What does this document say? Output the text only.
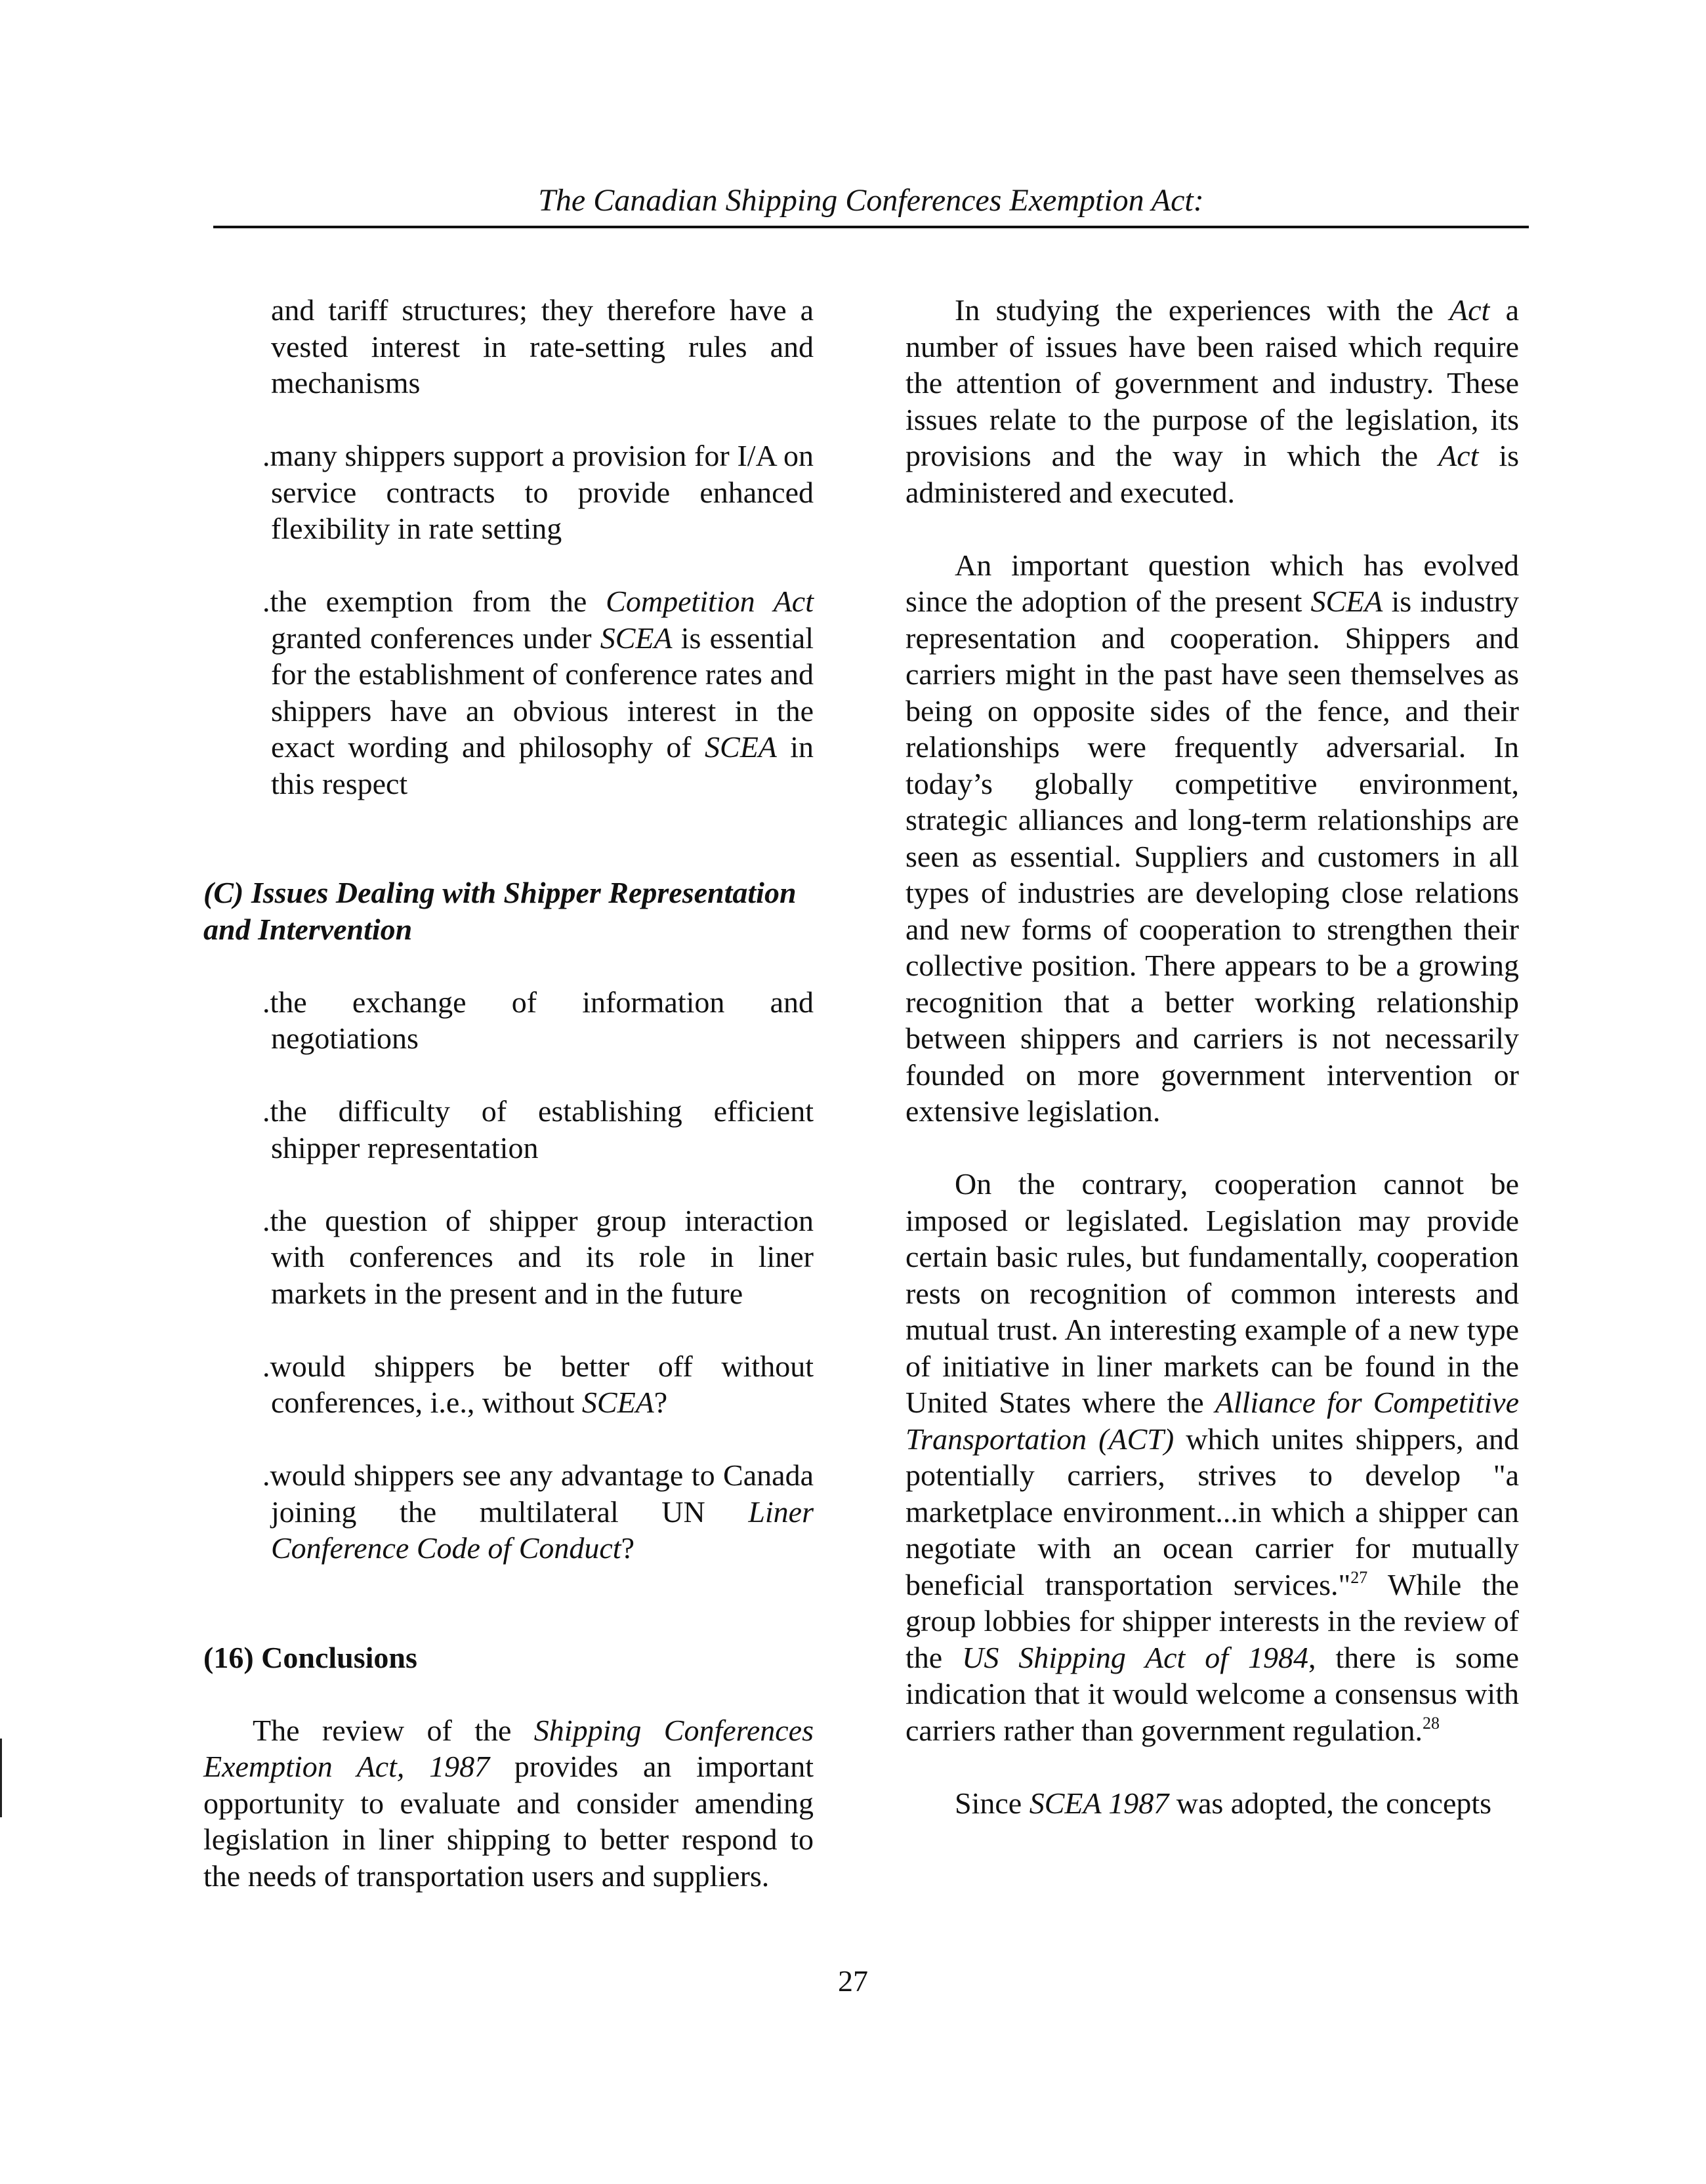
The Canadian Shipping Conferences Exemption Act:

and tariff structures; they therefore have a vested interest in rate-setting rules and mechanisms

.many shippers support a provision for I/A on service contracts to provide enhanced flexibility in rate setting

.the exemption from the Competition Act granted conferences under SCEA is essential for the establishment of conference rates and shippers have an obvious interest in the exact wording and philosophy of SCEA in this respect

(C) Issues Dealing with Shipper Representation and Intervention

.the exchange of information and negotiations

.the difficulty of establishing efficient shipper representation

.the question of shipper group interaction with conferences and its role in liner markets in the present and in the future

.would shippers be better off without conferences, i.e., without SCEA?

.would shippers see any advantage to Canada joining the multilateral UN Liner Conference Code of Conduct?

(16) Conclusions

The review of the Shipping Conferences Exemption Act, 1987 provides an important opportunity to evaluate and consider amending legislation in liner shipping to better respond to the needs of transportation users and suppliers.

In studying the experiences with the Act a number of issues have been raised which require the attention of government and industry. These issues relate to the purpose of the legislation, its provisions and the way in which the Act is administered and executed.

An important question which has evolved since the adoption of the present SCEA is industry representation and cooperation. Shippers and carriers might in the past have seen themselves as being on opposite sides of the fence, and their relationships were frequently adversarial. In today’s globally competitive environment, strategic alliances and long-term relationships are seen as essential. Suppliers and customers in all types of industries are developing close relations and new forms of cooperation to strengthen their collective position. There appears to be a growing recognition that a better working relationship between shippers and carriers is not necessarily founded on more government intervention or extensive legislation.

On the contrary, cooperation cannot be imposed or legislated. Legislation may provide certain basic rules, but fundamentally, cooperation rests on recognition of common interests and mutual trust. An interesting example of a new type of initiative in liner markets can be found in the United States where the Alliance for Competitive Transportation (ACT) which unites shippers, and potentially carriers, strives to develop "a marketplace environment...in which a shipper can negotiate with an ocean carrier for mutually beneficial transportation services."$^{27}$ While the group lobbies for shipper interests in the review of the US Shipping Act of 1984, there is some indication that it would welcome a consensus with carriers rather than government regulation.$^{28}$

Since SCEA 1987 was adopted, the concepts

27
